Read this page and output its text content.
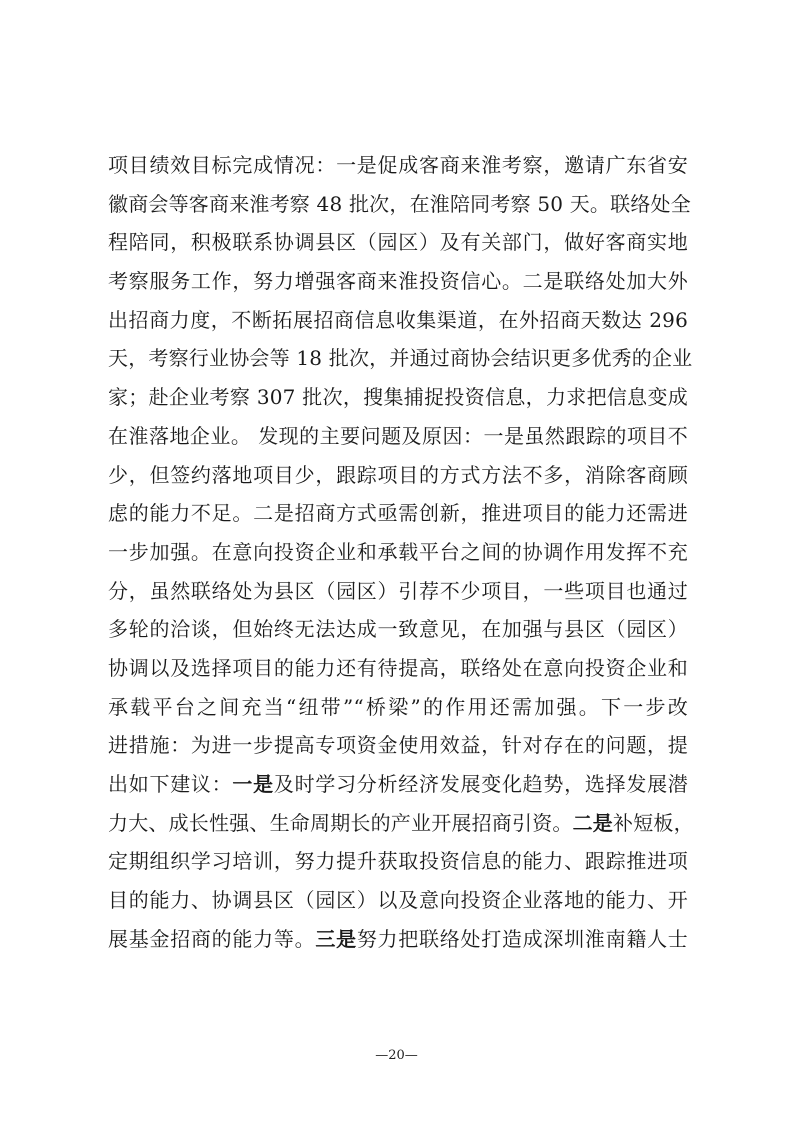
项目绩效目标完成情况：一是促成客商来淮考察，邀请广东省安
徽商会等客商来淮考察 48 批次，在淮陪同考察 50 天。联络处全
程陪同，积极联系协调县区（园区）及有关部门，做好客商实地
考察服务工作，努力增强客商来淮投资信心。二是联络处加大外
出招商力度，不断拓展招商信息收集渠道，在外招商天数达 296
天，考察行业协会等 18 批次，并通过商协会结识更多优秀的企业
家；赴企业考察 307 批次，搜集捕捉投资信息，力求把信息变成
在淮落地企业。 发现的主要问题及原因：一是虽然跟踪的项目不
少，但签约落地项目少，跟踪项目的方式方法不多，消除客商顾
虑的能力不足。二是招商方式亟需创新，推进项目的能力还需进
一步加强。在意向投资企业和承载平台之间的协调作用发挥不充
分，虽然联络处为县区（园区）引荐不少项目，一些项目也通过
多轮的洽谈，但始终无法达成一致意见，在加强与县区（园区）
协调以及选择项目的能力还有待提高，联络处在意向投资企业和
承载平台之间充当“纽带”“桥梁”的作用还需加强。下一步改
进措施：为进一步提高专项资金使用效益，针对存在的问题，提
出如下建议：一是及时学习分析经济发展变化趋势，选择发展潜
力大、成长性强、生命周期长的产业开展招商引资。二是补短板，
定期组织学习培训，努力提升获取投资信息的能力、跟踪推进项
目的能力、协调县区（园区）以及意向投资企业落地的能力、开
展基金招商的能力等。三是努力把联络处打造成深圳淮南籍人士
—20—
